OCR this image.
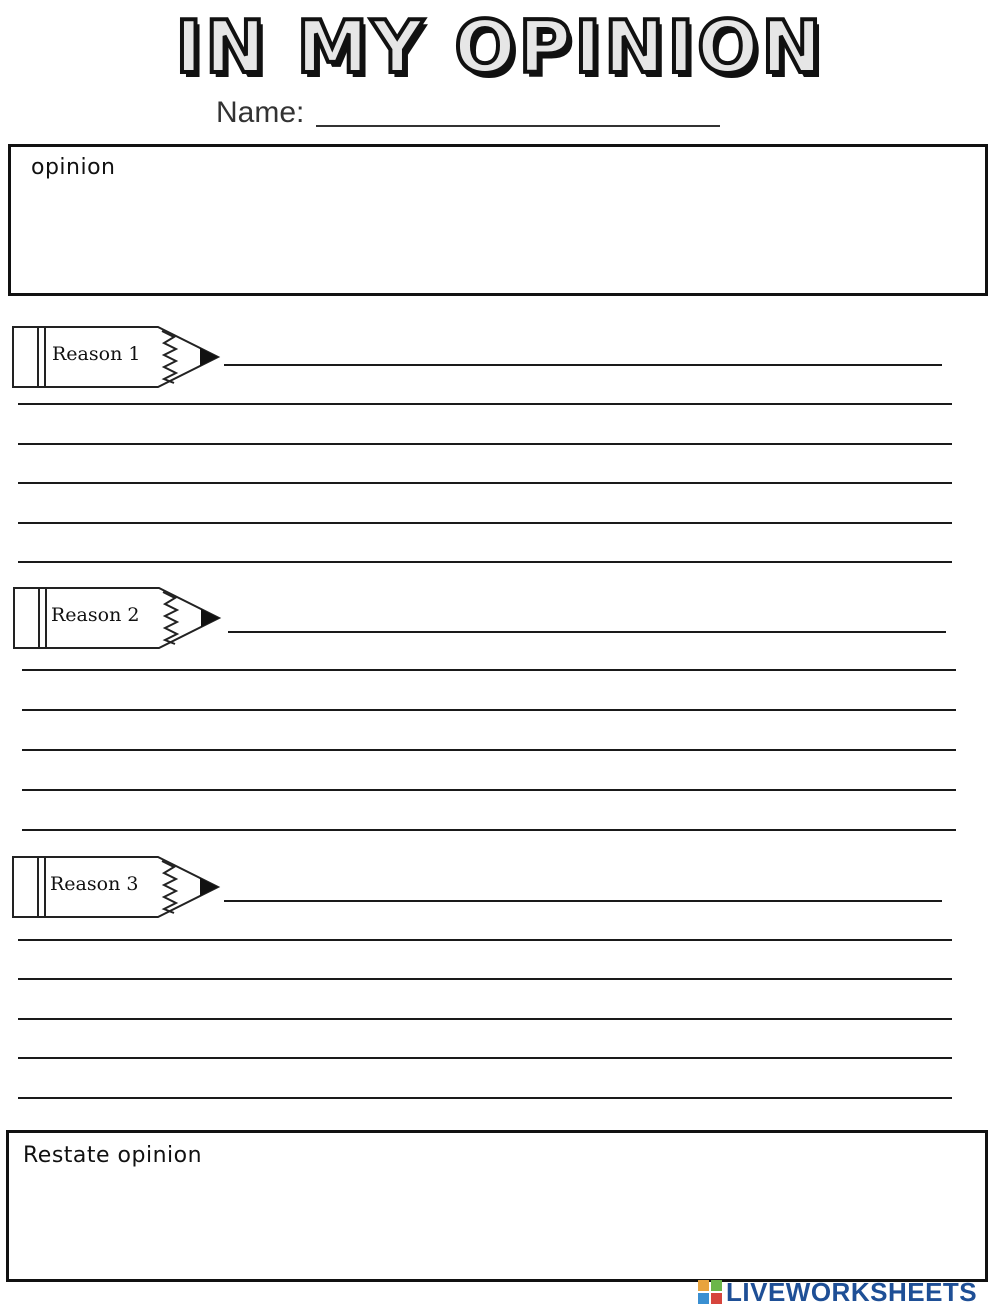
IN MY OPINION
Name:
opinion
Reason 1
Reason 2
Reason 3
Restate opinion
LIVEWORKSHEETS
